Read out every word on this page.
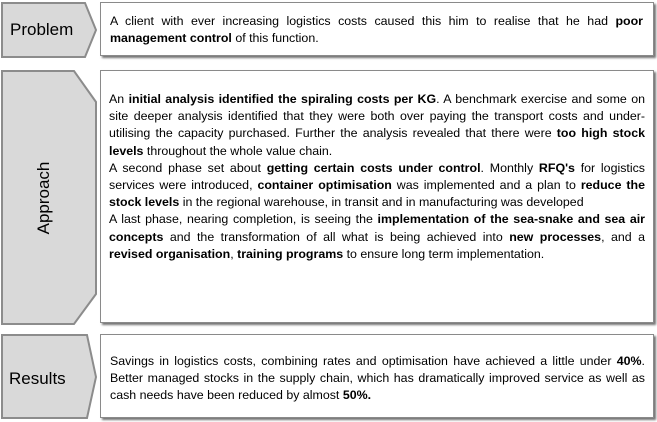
Problem	A client with ever increasing logistics costs caused this him to realise that he had poor management control of this function.

Approach

An initial analysis identified the spiraling costs per KG. A benchmark exercise and some on site deeper analysis identified that they were both over paying the transport costs and under-utilising the capacity purchased. Further the analysis revealed that there were too high stock levels throughout the whole value chain.

A second phase set about getting certain costs under control. Monthly RFQ's for logistics services were introduced, container optimisation was implemented and a plan to reduce the stock levels in the regional warehouse, in transit and in manufacturing was developed

A last phase, nearing completion, is seeing the implementation of the sea-snake and sea air concepts and the transformation of all what is being achieved into new processes, and a revised organisation, training programs to ensure long term implementation.

Results

Savings in logistics costs, combining rates and optimisation have achieved a little under 40%. Better managed stocks in the supply chain, which has dramatically improved service as well as cash needs have been reduced by almost 50%.
